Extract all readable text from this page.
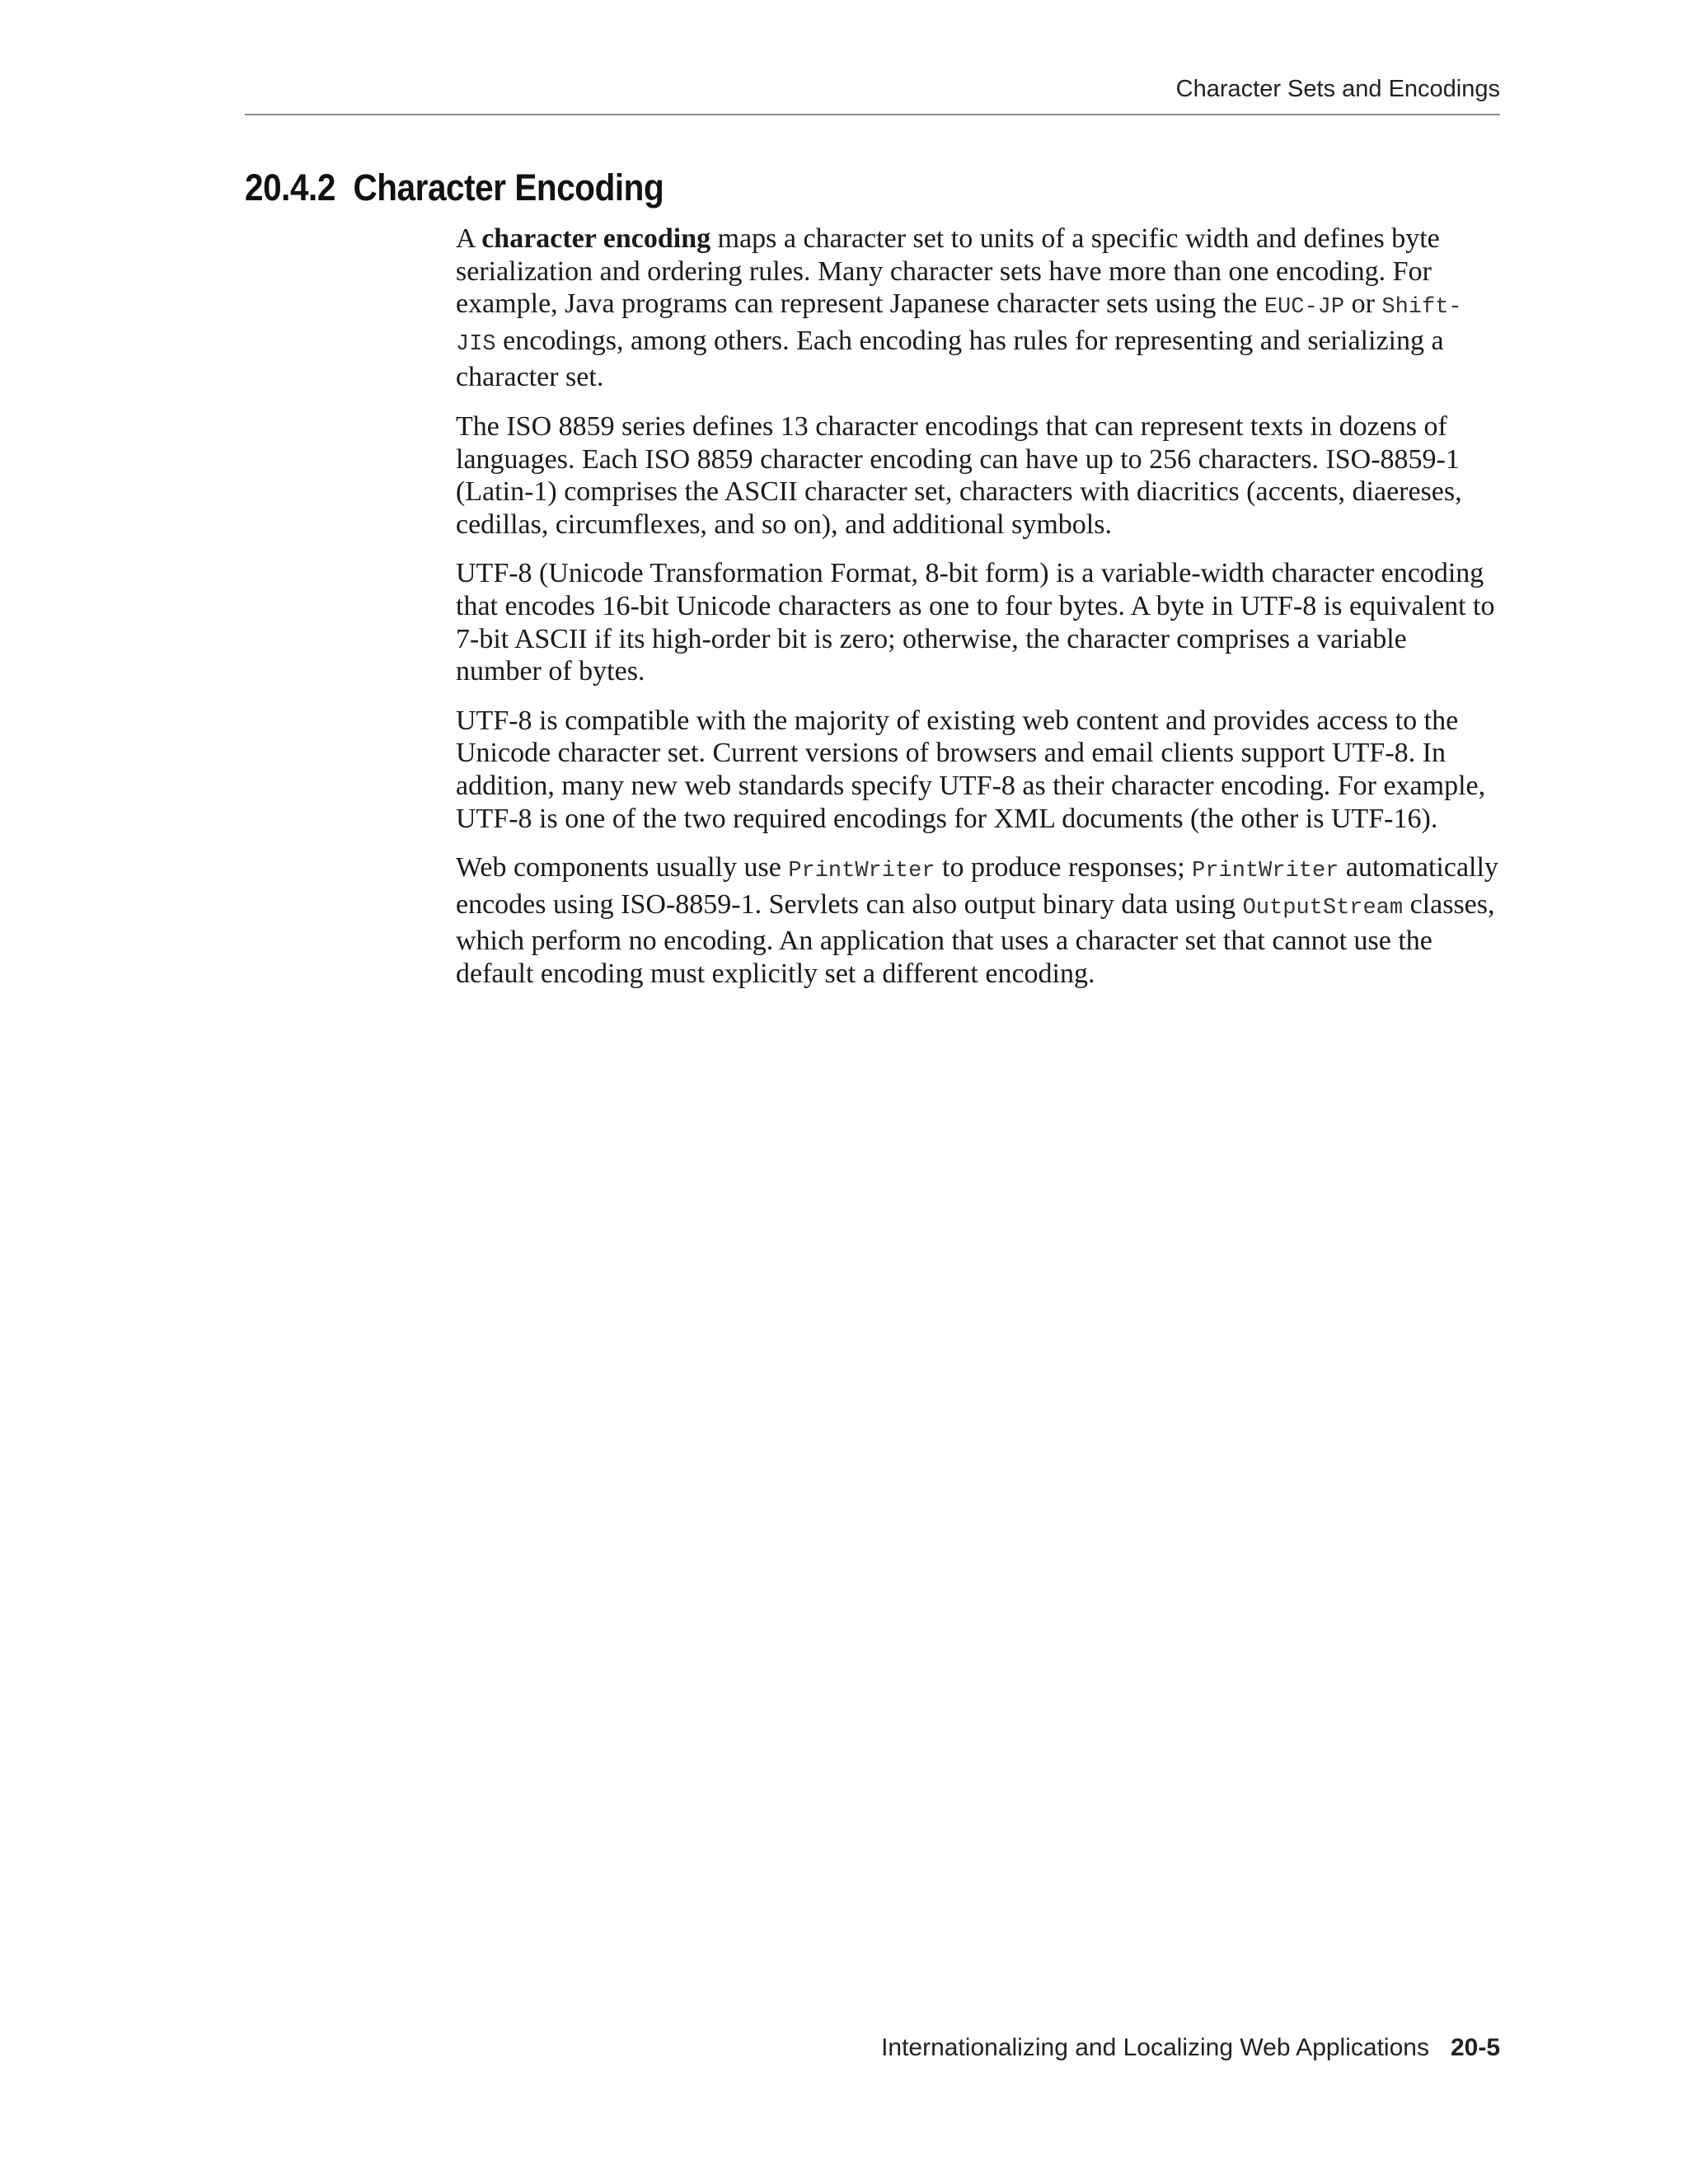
Character Sets and Encodings
20.4.2 Character Encoding

A character encoding maps a character set to units of a specific width and defines byte serialization and ordering rules. Many character sets have more than one encoding. For example, Java programs can represent Japanese character sets using the EUC-JP or Shift-JIS encodings, among others. Each encoding has rules for representing and serializing a character set.

The ISO 8859 series defines 13 character encodings that can represent texts in dozens of languages. Each ISO 8859 character encoding can have up to 256 characters. ISO-8859-1 (Latin-1) comprises the ASCII character set, characters with diacritics (accents, diaereses, cedillas, circumflexes, and so on), and additional symbols.

UTF-8 (Unicode Transformation Format, 8-bit form) is a variable-width character encoding that encodes 16-bit Unicode characters as one to four bytes. A byte in UTF-8 is equivalent to 7-bit ASCII if its high-order bit is zero; otherwise, the character comprises a variable number of bytes.

UTF-8 is compatible with the majority of existing web content and provides access to the Unicode character set. Current versions of browsers and email clients support UTF-8. In addition, many new web standards specify UTF-8 as their character encoding. For example, UTF-8 is one of the two required encodings for XML documents (the other is UTF-16).

Web components usually use PrintWriter to produce responses; PrintWriter automatically encodes using ISO-8859-1. Servlets can also output binary data using OutputStream classes, which perform no encoding. An application that uses a character set that cannot use the default encoding must explicitly set a different encoding.

Internationalizing and Localizing Web Applications 20-5
